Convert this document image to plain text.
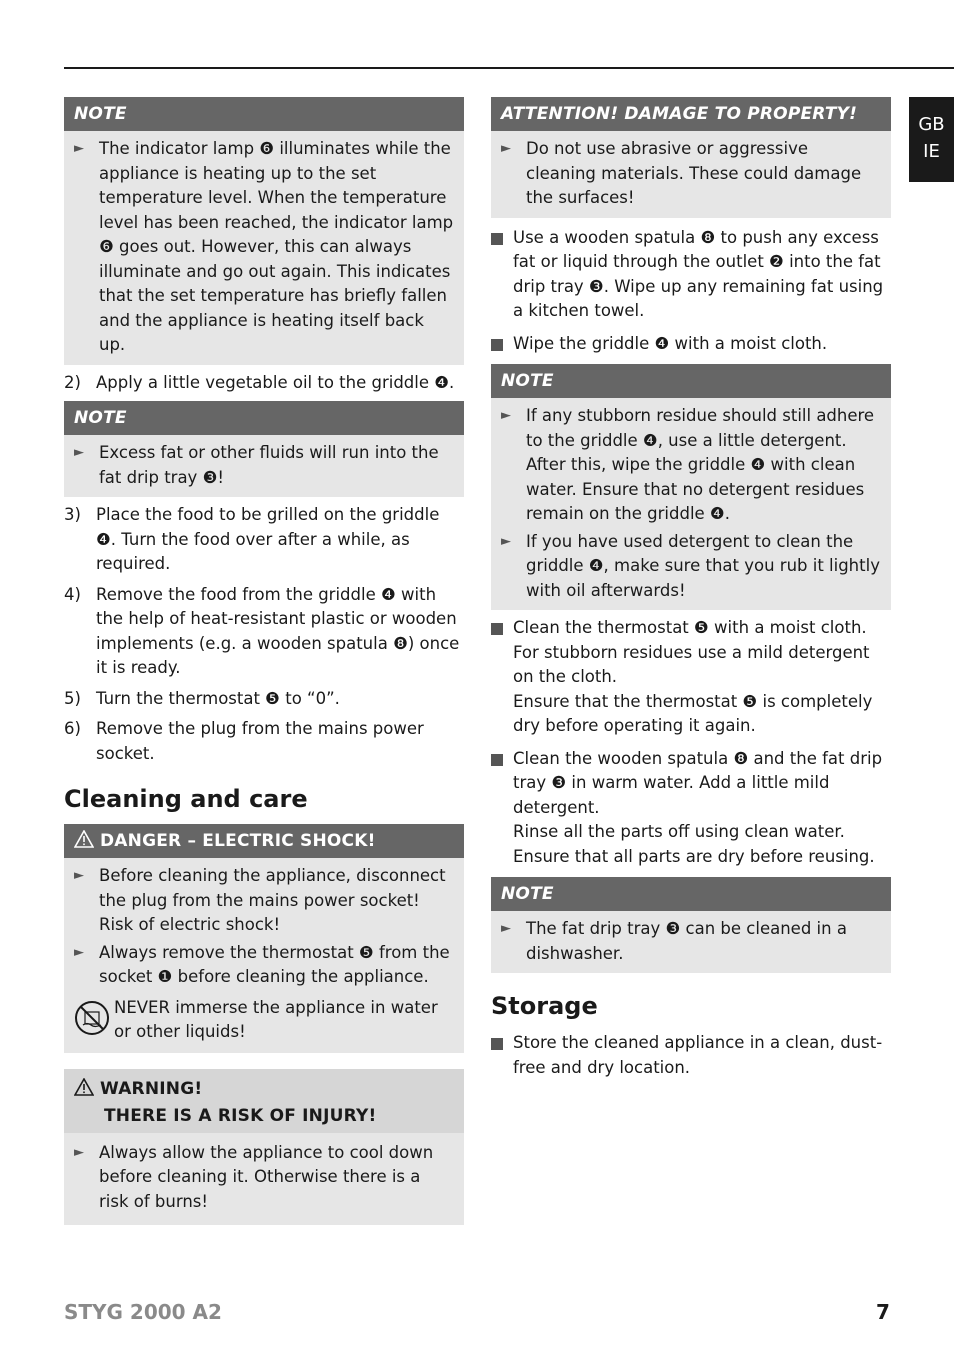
GB
IE
NOTE
► The indicator lamp ❻ illuminates while the appliance is heating up to the set temperature level. When the temperature level has been reached, the indicator lamp ❻ goes out. However, this can always illuminate and go out again. This indicates that the set temperature has briefly fallen and the appliance is heating itself back up.
2) Apply a little vegetable oil to the griddle ❹.
NOTE
► Excess fat or other fluids will run into the fat drip tray ❸!
3) Place the food to be grilled on the griddle ❹. Turn the food over after a while, as required.
4) Remove the food from the griddle ❹ with the help of heat-resistant plastic or wooden implements (e.g. a wooden spatula ❽) once it is ready.
5) Turn the thermostat ❺ to “0”.
6) Remove the plug from the mains power socket.
Cleaning and care
DANGER – ELECTRIC SHOCK!
► Before cleaning the appliance, disconnect the plug from the mains power socket! Risk of electric shock!
► Always remove the thermostat ❺ from the socket ❶ before cleaning the appliance.
NEVER immerse the appliance in water or other liquids!
WARNING!
THERE IS A RISK OF INJURY!
► Always allow the appliance to cool down before cleaning it. Otherwise there is a risk of burns!
ATTENTION! DAMAGE TO PROPERTY!
► Do not use abrasive or aggressive cleaning materials. These could damage the surfaces!
Use a wooden spatula ❽ to push any excess fat or liquid through the outlet ❷ into the fat drip tray ❸. Wipe up any remaining fat using a kitchen towel.
Wipe the griddle ❹ with a moist cloth.
NOTE
► If any stubborn residue should still adhere to the griddle ❹, use a little detergent. After this, wipe the griddle ❹ with clean water. Ensure that no detergent residues remain on the griddle ❹.
► If you have used detergent to clean the griddle ❹, make sure that you rub it lightly with oil afterwards!
Clean the thermostat ❺ with a moist cloth.
For stubborn residues use a mild detergent on the cloth.
Ensure that the thermostat ❺ is completely dry before operating it again.
Clean the wooden spatula ❽ and the fat drip tray ❸ in warm water. Add a little mild detergent.
Rinse all the parts off using clean water. Ensure that all parts are dry before reusing.
NOTE
► The fat drip tray ❸ can be cleaned in a dishwasher.
Storage
Store the cleaned appliance in a clean, dust-free and dry location.
STYG 2000 A2	7
